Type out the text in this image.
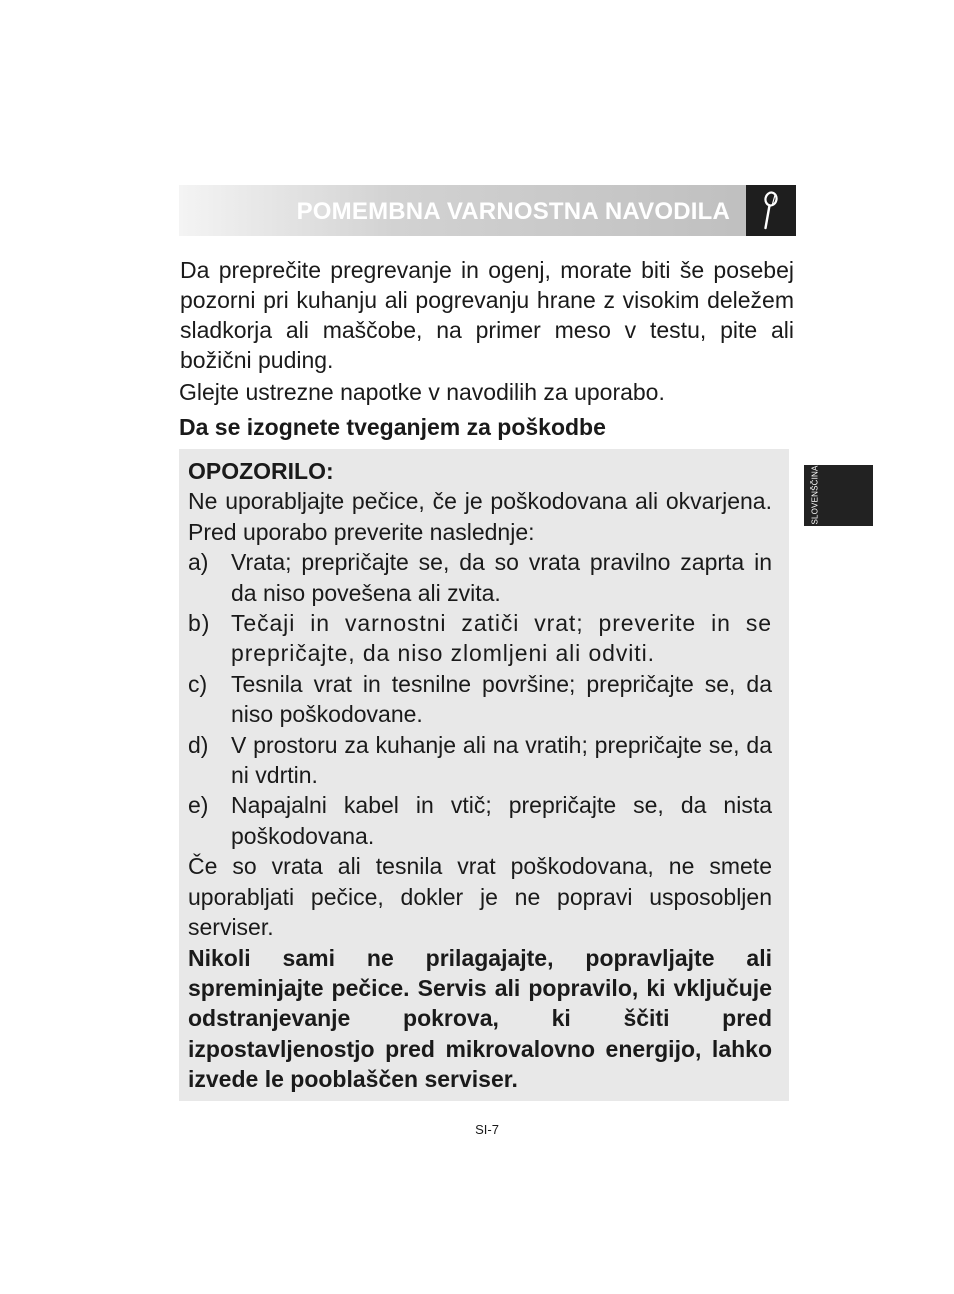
POMEMBNA VARNOSTNA NAVODILA

Da preprečite pregrevanje in ogenj, morate biti še posebej pozorni pri kuhanju ali pogrevanju hrane z visokim deležem sladkorja ali maščobe, na primer meso v testu, pite ali božični puding.

Glejte ustrezne napotke v navodilih za uporabo.

Da se izognete tveganjem za poškodbe

OPOZORILO:

Ne uporabljajte pečice, če je poškodovana ali okvarjena. Pred uporabo preverite naslednje:

a) Vrata; prepričajte se, da so vrata pravilno zaprta in da niso povešena ali zvita.
b) Tečaji in varnostni zatiči vrat; preverite in se prepričajte, da niso zlomljeni ali odviti.
c) Tesnila vrat in tesnilne površine; prepričajte se, da niso poškodovane.
d) V prostoru za kuhanje ali na vratih; prepričajte se, da ni vdrtin.
e) Napajalni kabel in vtič; prepričajte se, da nista poškodovana.

Če so vrata ali tesnila vrat poškodovana, ne smete uporabljati pečice, dokler je ne popravi usposobljen serviser.

Nikoli sami ne prilagajajte, popravljajte ali spreminjajte pečice. Servis ali popravilo, ki vključuje odstranjevanje pokrova, ki ščiti pred izpostavljenostjo pred mikrovalovno energijo, lahko izvede le pooblaščen serviser.

SLOVENŠČINA
SI-7
